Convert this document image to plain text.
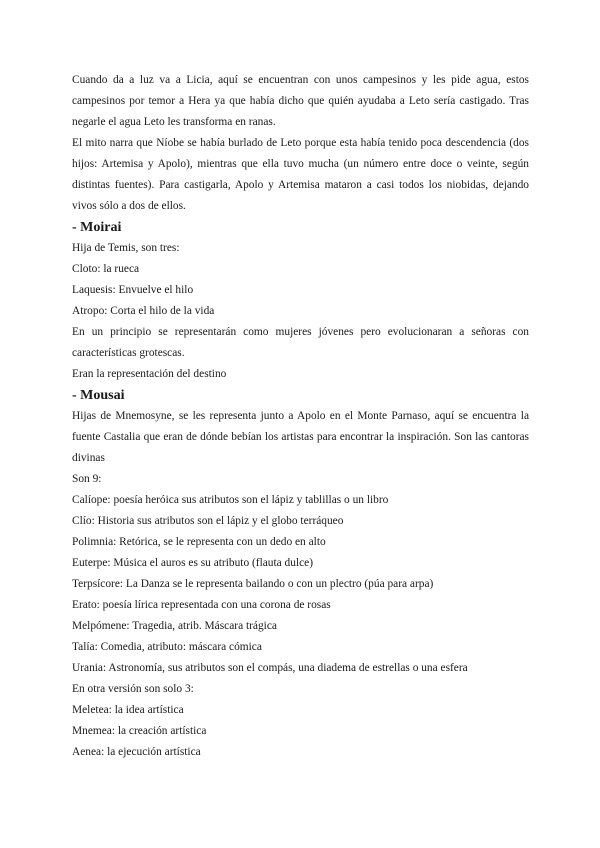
Cuando da a luz va a Licia, aquí se encuentran con unos campesinos y les pide agua, estos campesinos por temor a Hera ya que había dicho que quién ayudaba a Leto sería castigado. Tras negarle el agua Leto les transforma en ranas.

El mito narra que Níobe se había burlado de Leto porque esta había tenido poca descendencia (dos hijos: Artemisa y Apolo), mientras que ella tuvo mucha (un número entre doce o veinte, según distintas fuentes). Para castigarla, Apolo y Artemisa mataron a casi todos los niobidas, dejando vivos sólo a dos de ellos.

- Moirai

Hija de Temis, son tres:

Cloto: la rueca

Laquesis: Envuelve el hilo

Atropo: Corta el hilo de la vida

En un principio se representarán como mujeres jóvenes pero evolucionaran a señoras con características grotescas.

Eran la representación del destino

- Mousai

Hijas de Mnemosyne, se les representa junto a Apolo en el Monte Parnaso, aquí se encuentra la fuente Castalia que eran de dónde bebían los artistas para encontrar la inspiración. Son las cantoras divinas

Son 9:

Calíope: poesía heróica sus atributos son el lápiz y tablillas o un libro

Clío: Historia sus atributos son el lápiz y el globo terráqueo

Polimnia: Retórica, se le representa con un dedo en alto

Euterpe: Música el auros es su atributo (flauta dulce)

Terpsícore: La Danza se le representa bailando o con un plectro (púa para arpa)

Erato: poesía lírica representada con una corona de rosas

Melpómene: Tragedia, atrib. Máscara trágica

Talía: Comedia, atributo: máscara cómica

Urania: Astronomía, sus atributos son el compás, una diadema de estrellas o una esfera

En otra versión son solo 3:

Meletea: la idea artística

Mnemea: la creación artística

Aenea: la ejecución artística
